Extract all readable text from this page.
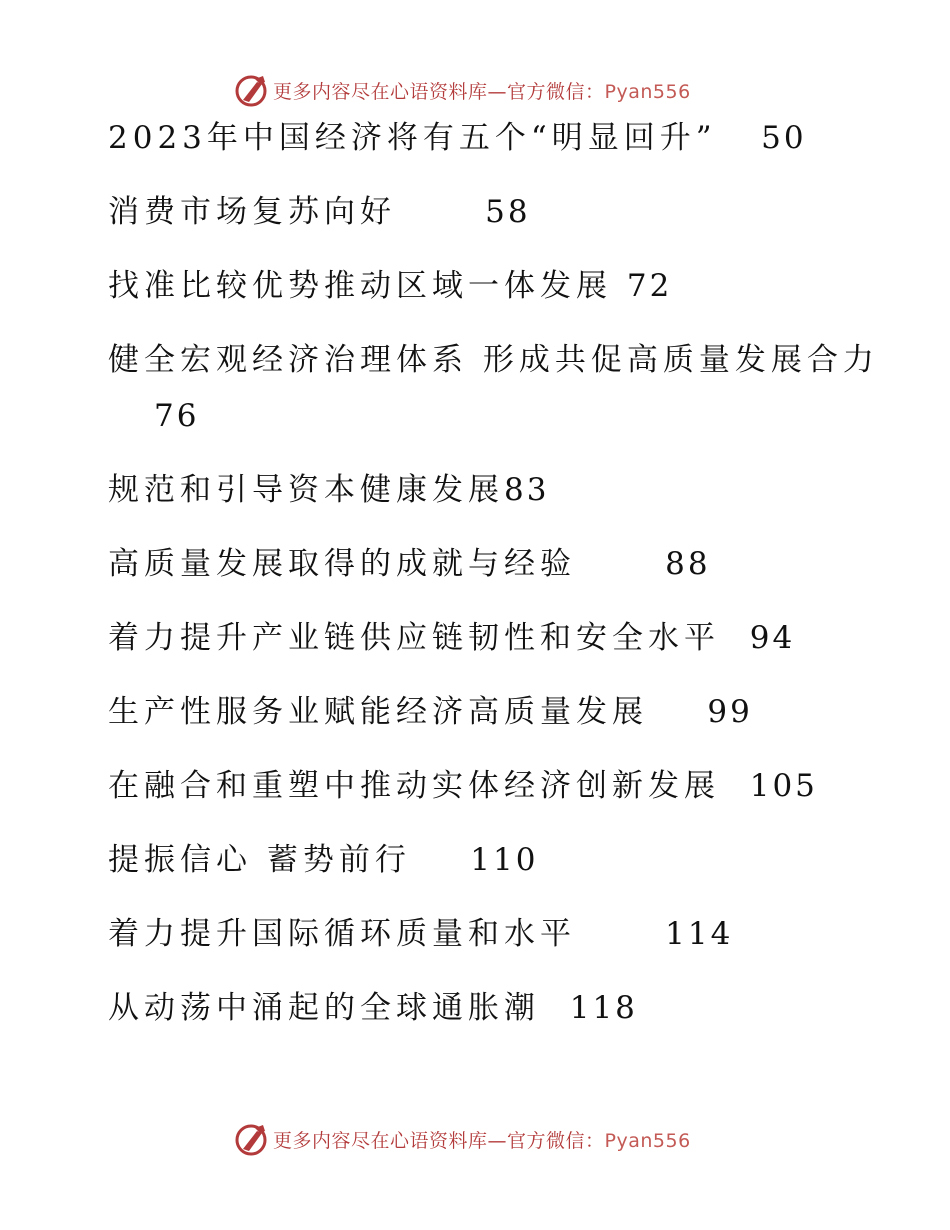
更多内容尽在心语资料库—官方微信：Pyan556
2023年中国经济将有五个“明显回升” 50
消费市场复苏向好	58
找准比较优势推动区域一体发展 72
健全宏观经济治理体系 形成共促高质量发展合力
76
规范和引导资本健康发展83
高质量发展取得的成就与经验	88
着力提升产业链供应链韧性和安全水平 94
生产性服务业赋能经济高质量发展 99
在融合和重塑中推动实体经济创新发展 105
提振信心 蓄势前行 110
着力提升国际循环质量和水平	114
从动荡中涌起的全球通胀潮 118
更多内容尽在心语资料库—官方微信：Pyan556
